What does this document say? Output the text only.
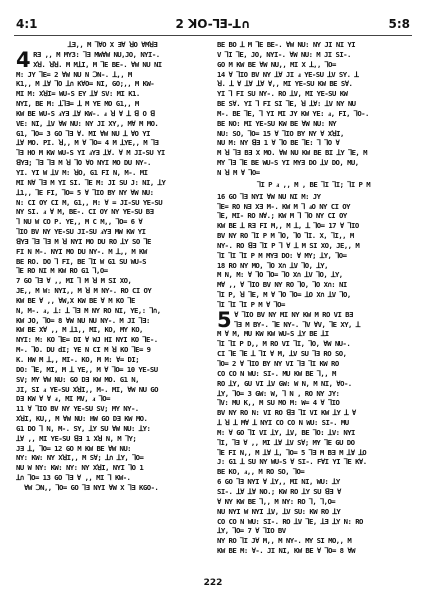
4:1	2 ꓘO-ꓶƎ-ꓕ∩	5:8

ꓕƎ‚‚ M ꓶ∀O X Ǝ∀ ꓤO ∀MꓤƎ

4 RƎ ‚‚ M MY3: ꓶƎ MW∀W NU‚JO‚ NYI-.

Xꓤ. ꓤꓤ. M MꓕI‚ M ꓶE BE-. ∀W NU NI

M: JY ꓶE= 2 ∀W NU N ꓛN-. ꓕ‚‚ M

K1‚‚ M ꓕ∀ ꓶO ꓕ∩ K∀O= NI‚ GO;‚‚ M KW-

MI M: XꓤI= WU-S EY ꓕ∀ SV: MI K1.

NYI‚ BE M: ꓕꓶƎ= ꓕ M YE MO G1‚‚ M

KW BE WU-S ⅎYƎ ꓕ∀ KW-. ⅎ ꓤ ∀ ꓕ ꓭ O ꓭ

VE: NI‚ ꓕV ∀W NU: NY JI XY‚‚ M∀ M MO.

G1‚ ꓶO= 3 GO ꓶƎ ∀. MI ∀W NU ꓕ ∀O YI

ꓕ∀ MO. PI. ꓤ‚‚ M ∀ ꓶO= 4 M ꓕYE‚‚ M ꓶƎ

ꓶƎ HO M KW WU-S YI ⅎYƎ ꓕ∀. ∀ M JI-SU YI

ꓭYƎ; ꓶƎ ꓶƎ M ꓤ ꓶO ∀O NYI MO DU NY-.

YI. YI W ꓕV M: ꓤO‚ G1 FI N‚ M-. MI

MI N∀ ꓶƎ M YI SI. ꓶE M: JI SU J: NI‚ ꓕY

ꓕ1‚‚ ꓶE FI‚ ꓶO= 5 ∀ ꓶIO BY NY ∀W NU:

N: CI ΟY CI M‚ G1‚‚ M: ∀ = JI-SU YE-SU

NY SI. ⅎ ∀ M‚ BE-. CI ΟY NY YE-SU BƎ

ꓶ NU W CO P. YE‚‚ M C M‚‚ ꓶO= 6 ∀

ꓶIO BV NY YE-SU JI-SU ⅎYƎ MW KW YI

ꓭYƎ ꓶƎ ꓶƎ M ꓤ NYI MO DU RO ꓕY SO ꓶE

FI N M-. NYI MO DU NY-. M ꓕ‚‚ M KW

BE RO. DO ꓶ FI‚ BE ꓶI W G1 SU WU-S

ꓶE RO NI M KW RO G1 ꓶ‚O=

7 GO ꓶƎ ∀ ‚‚ MI ꓶ M ꓤ M SI XO‚

JE‚‚ M W: NYI‚‚ M ꓤ M NY-. RO CI OY

KW BE ∀ ‚‚ ∀W‚X KW BE ∀ M KO ꓶE

N‚ M-. ⅎ‚ ꓕ: ꓕ ꓶƎ M NY RO NI‚ YE‚: ꓶ∩‚

KW JO‚ ꓶO= 8 ∀W NU NU NY-. M JI ꓶƎ:

KW BE X∀ ‚‚ M ꓕ1‚‚ MI‚ KO‚ MY KO‚

NYI: M: KO ꓶE= DI ∀ WJ HI NYI KO ꓶE-.

M-. ꓶO. DU dI; YE N CI M ꓤ KO ꓶE= 9

K. HW M ꓕ‚‚ MI-. KO‚ M M: ∀= DI;

DO: ꓶE‚ MI‚ M ꓕ YE‚‚ M ∀ ꓶO= 10 YE-SU

SV; MY ∀W NU: GO DƎ KW MO. G1 N‚

JI‚ SI ⅎ YE-SU XꓤI‚‚ M-. MI‚ ∀W NU GO

DƎ KW ∀ ∀ ⅎ‚ MI MV‚ ⅎ ꓶO=

11 ∀ ꓶIO BV NY YE-SU SV; MY NY-.

XꓤI‚ KU‚‚ M ∀W NU: HW GO DƎ KW MO.

G1 DO ꓶ N‚ M-. SY‚ ꓕY SU ∀W NU: ꓕY:

ꓕ∀ ‚‚ MI YE-SU ꓭƎ 1 Xꓤ N‚ M ꓶY;

JƎ ꓕ‚ ꓶO= 12 GO M KW BE ∀W NU:

NY: KW: NY XꓤI‚‚ M S∀; ꓕ∩ ꓕY‚ ꓶO=

NU W NY: KW: NY: NY XꓤI‚ NYI ꓶO 1

ꓕ∩ ꓶO= 13 GO ꓶƎ ∀ ‚‚ MI ꓶ KW-.

∀W ꓛN‚‚ ꓶO= GO ꓶƎ NYI ∀W X ꓶƎ KGO-.

BE BO ꓕ M ꓶE BE-. ∀W NU: NY JI NI YI

V ꓶI ꓶE‚ JO‚ NYI-. ∀W NU: M JI SI-.

GO M KW BE ∀W NU‚‚ MI X ꓕ‚‚ ꓶO=

14 ∀ ꓶIO BV NY ꓕ∀ JI ⅎ YE-SU ꓕV SY. ꓕ

ꓤ. ꓕ ∀ ꓕ∀ ꓕ∀ ∀‚‚ MI YE-SU KW BE S∀.

YI ꓶ FI SU NY-. RO ꓕV‚ MI YE-SU KW

BE S∀. YI ꓶ FI SI ꓶE‚ ꓤ ꓕ∀: ꓕV NY NU

M-. BE ꓶE‚ ꓶ YI MI JY KW YE: ⅎ, FI‚ ꓶO-.

BE NO: MI YE-SU KW BE ∀W NU: NY

NU: SO‚ ꓶO= 15 ∀ ꓶIO BY NY ∀ XꓤI‚

NU M: NY ꓭƎ 1 ∀ ꓶO BE ꓶE: ꓶ ꓶO ∀

M ꓤ ꓶƎ BƎ X MO. ∀W NU KW BE BI ꓕY ꓶE‚ M

MY ꓶƎ ꓶE BE WU-S YI MYƎ DO ꓕV DO‚ MU,

N ꓤ M ∀ ꓶO=

ꓶI P ⅎ ‚‚ M ‚ BE ꓶI ꓶI; ꓶI P M

16 GO ꓶƎ NYI ∀W NU NI M: JY

ꓶE= RO NƎ XƎ M-. KW M ꓶ ⅎO NY CI OY

ꓶE‚ MI- RO N∀.; KW M ꓶ ꓶO NY CI OY

KW BE ꓕ RƎ FI M‚‚ M ꓕ‚ ꓕ ꓶO= 17 ∀ ꓶIO

BV NY RO ꓶI P M ꓶO‚ ꓶO ꓶI. X‚ ꓶI‚‚ M

NY-. RO ꓭƎ ꓶI P ꓶ ∀ ꓕ M SI XO‚ JE‚‚ M

ꓶI ꓶI ꓶI P M MYƎ DO: ∀ MY; ꓕY‚ ꓶO=

18 RO NY MO‚ ꓶO X∩ ꓕV ꓶO‚ ꓕY‚

M N‚ M: ∀ ꓶO ꓶO= ꓶO X∩ ꓕV ꓶO‚ ꓕY‚

M∀ ‚‚ ∀ ꓶIO BV NY RO ꓶO‚ ꓶO X∩: NI

ꓶI P‚ ꓤ ꓶE‚ M ∀ ꓶO ꓶO= ꓕO X∩ ꓕV ꓶO‚

ꓶI ꓶI ꓶI P M ∀ ꓶO=

5 ∀ ꓶIO BV NY MI NY KW M RO VI BƎ

ꓶƎ M BY-. ꓶE NY-. ꓶV ∀V‚ ꓶE XY‚ ꓕ

M ∀ M‚ MU KW KW WU-S ꓕY BE ꓕI

ꓶI ꓶI P D‚‚ M RO VI ꓶI‚ ꓶO‚ ∀W NU-.

CI ꓶE ꓶE ꓕ ꓶI ∀ M‚ ꓕV SU ꓶƎ RO SO‚

ꓶO= 2 ∀ ꓶIO BY NY VI ꓶƎ ꓶI KW RO

CO CO N WU: SI-. MU KW BE ꓶ‚‚ M

RO ꓕY‚ GU VI ꓕV GW: W N‚ M NI‚ ∀O-.

ꓕY‚ ꓶO= 3 GW: W‚ ꓶ N ‚ RO NY JY:

ꓶV: MU K‚‚ M SU MO M: W= 4 ∀ ꓶIO

BV NY RO N: VI RO ꓭƎ ꓶI VI KW ꓕY ꓕ ∀

ꓕ ꓤ ꓕ M∀ ꓕ NYI CO CO N WU: SI-. MU

M: ∀ GO ꓶI VI ꓕY‚ ꓕV‚ BE ꓶO: ꓕV: NYI

ꓶI‚ ꓶƎ ∀ ‚‚ MI ꓕ∀ ꓕV S∀; MY ꓶE GU DO

ꓶE FI N‚‚ M ꓕ∀ ꓕ‚ ꓶO= 5 ꓶƎ M BƎ M ꓕ∀ ꓕO

J: G1 ꓕ SU NY WU-S ∀ SI-. F∀I YI ꓶE K∀.

BE KO, ⅎ‚‚ M RO SO‚ ꓶO=

6 GO ꓶƎ NYI ∀ ꓕY‚‚ MI NI‚ WU: ꓕY

SI-. ꓕ∀ ꓕ∀ NO.; KW RO ꓕY SU ꓭƎ ∀

∀ NY KW BE ꓶ‚‚ M NY: RO ꓶ‚ ꓶ‚O=

NU NYI W NYI ꓕV‚ ꓕV SU: KW RO ꓕY

CO CO N WU: SI-. RO ꓕV ꓶE‚ ꓕƎ ꓕY N: RO

ꓕY‚ ꓶO= 7 ∀ ꓶIO BV

NY RO ꓶI J∀ M‚‚ M NY-. MY SI MO‚‚ M

KW BE M: ∀-. JI NI‚ KW BE ∀ ꓶO= 8 ∀W

222
